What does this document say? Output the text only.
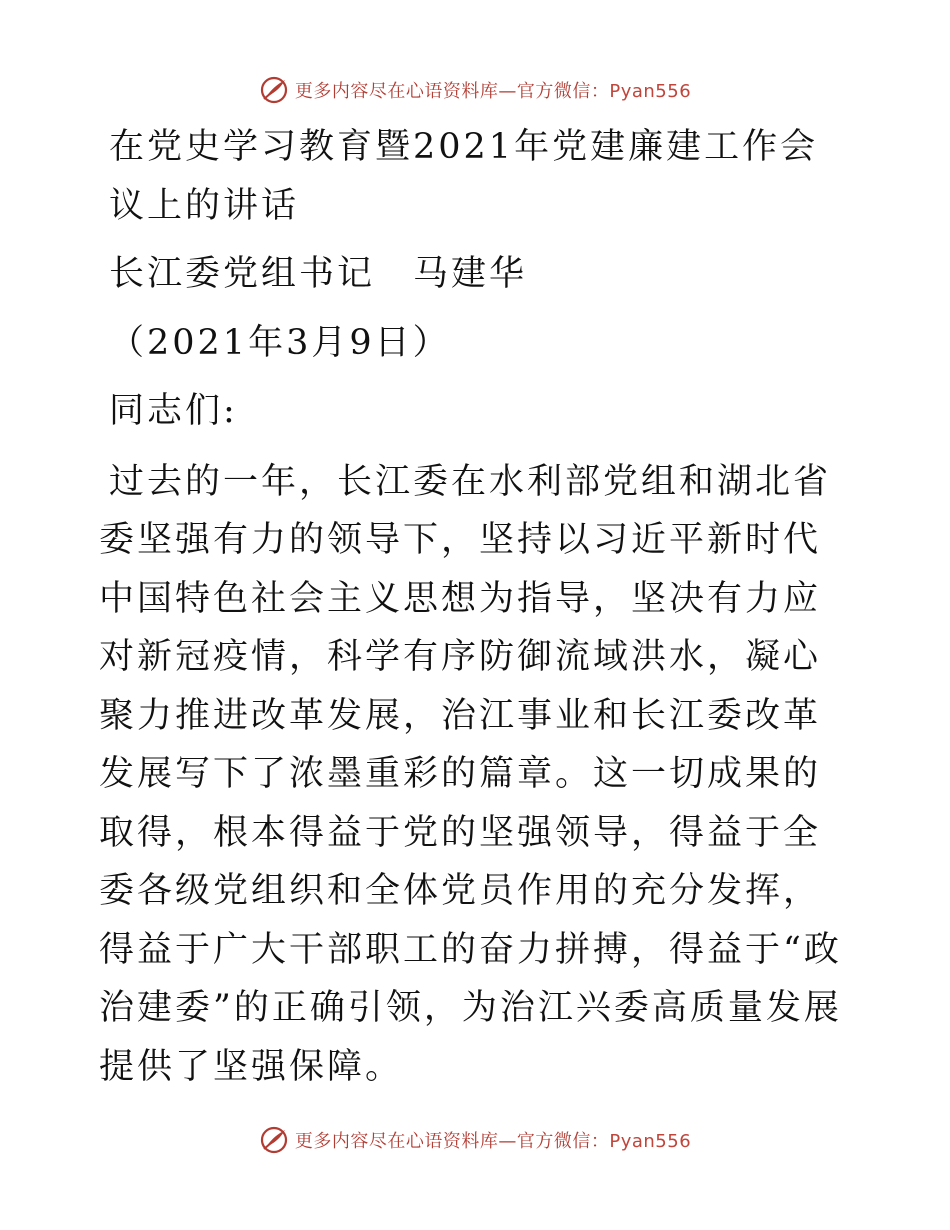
更多内容尽在心语资料库—官方微信：Pyan556

在党史学习教育暨2021年党建廉建工作会议上的讲话

长江委党组书记　马建华

（2021年3月9日）

同志们:

过去的一年，长江委在水利部党组和湖北省委坚强有力的领导下，坚持以习近平新时代中国特色社会主义思想为指导，坚决有力应对新冠疫情，科学有序防御流域洪水，凝心聚力推进改革发展，治江事业和长江委改革发展写下了浓墨重彩的篇章。这一切成果的取得，根本得益于党的坚强领导，得益于全委各级党组织和全体党员作用的充分发挥，得益于广大干部职工的奋力拼搏，得益于“政治建委”的正确引领，为治江兴委高质量发展提供了坚强保障。

更多内容尽在心语资料库—官方微信：Pyan556
